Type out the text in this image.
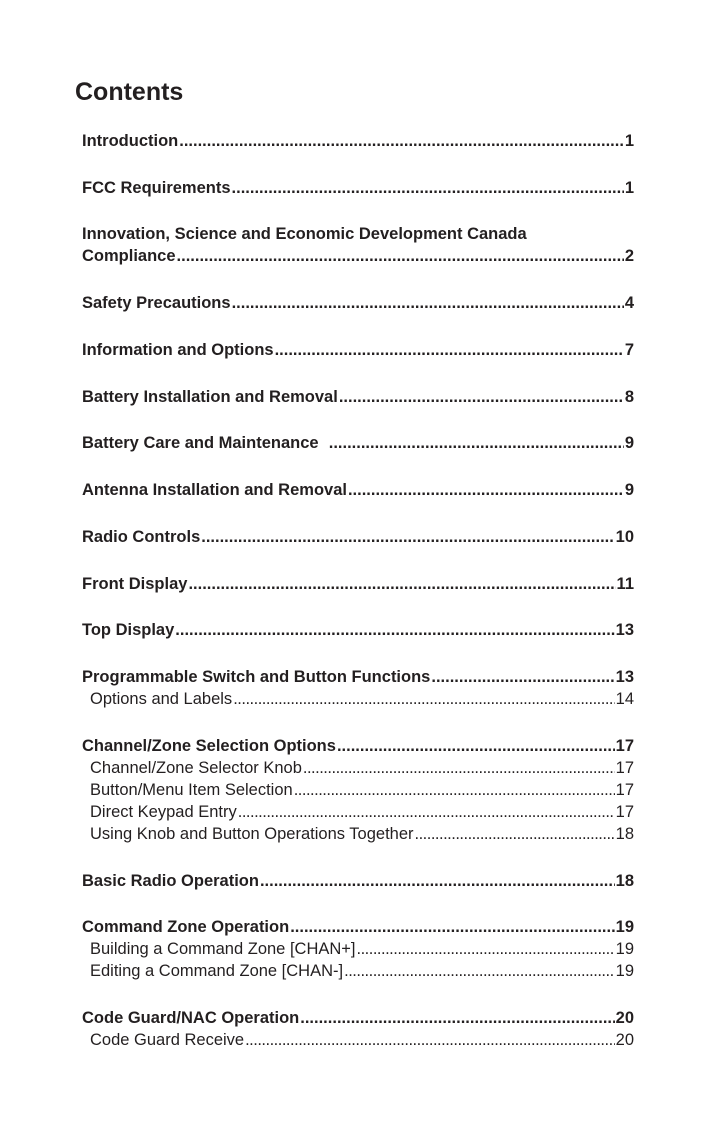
Contents
Introduction .....	1
FCC Requirements .....	1
Innovation, Science and Economic Development Canada
Compliance .....	2
Safety Precautions .....	4
Information and Options .....	7
Battery Installation and Removal .....	8
Battery Care and Maintenance .....	9
Antenna Installation and Removal .....	9
Radio Controls .....	10
Front Display .....	11
Top Display .....	13
Programmable Switch and Button Functions .....	13
Options and Labels .....	14
Channel/Zone Selection Options .....	17
Channel/Zone Selector Knob .....	17
Button/Menu Item Selection .....	17
Direct Keypad Entry .....	17
Using Knob and Button Operations Together .....	18
Basic Radio Operation .....	18
Command Zone Operation .....	19
Building a Command Zone [CHAN+] .....	19
Editing a Command Zone [CHAN-] .....	19
Code Guard/NAC Operation .....	20
Code Guard Receive .....	20
